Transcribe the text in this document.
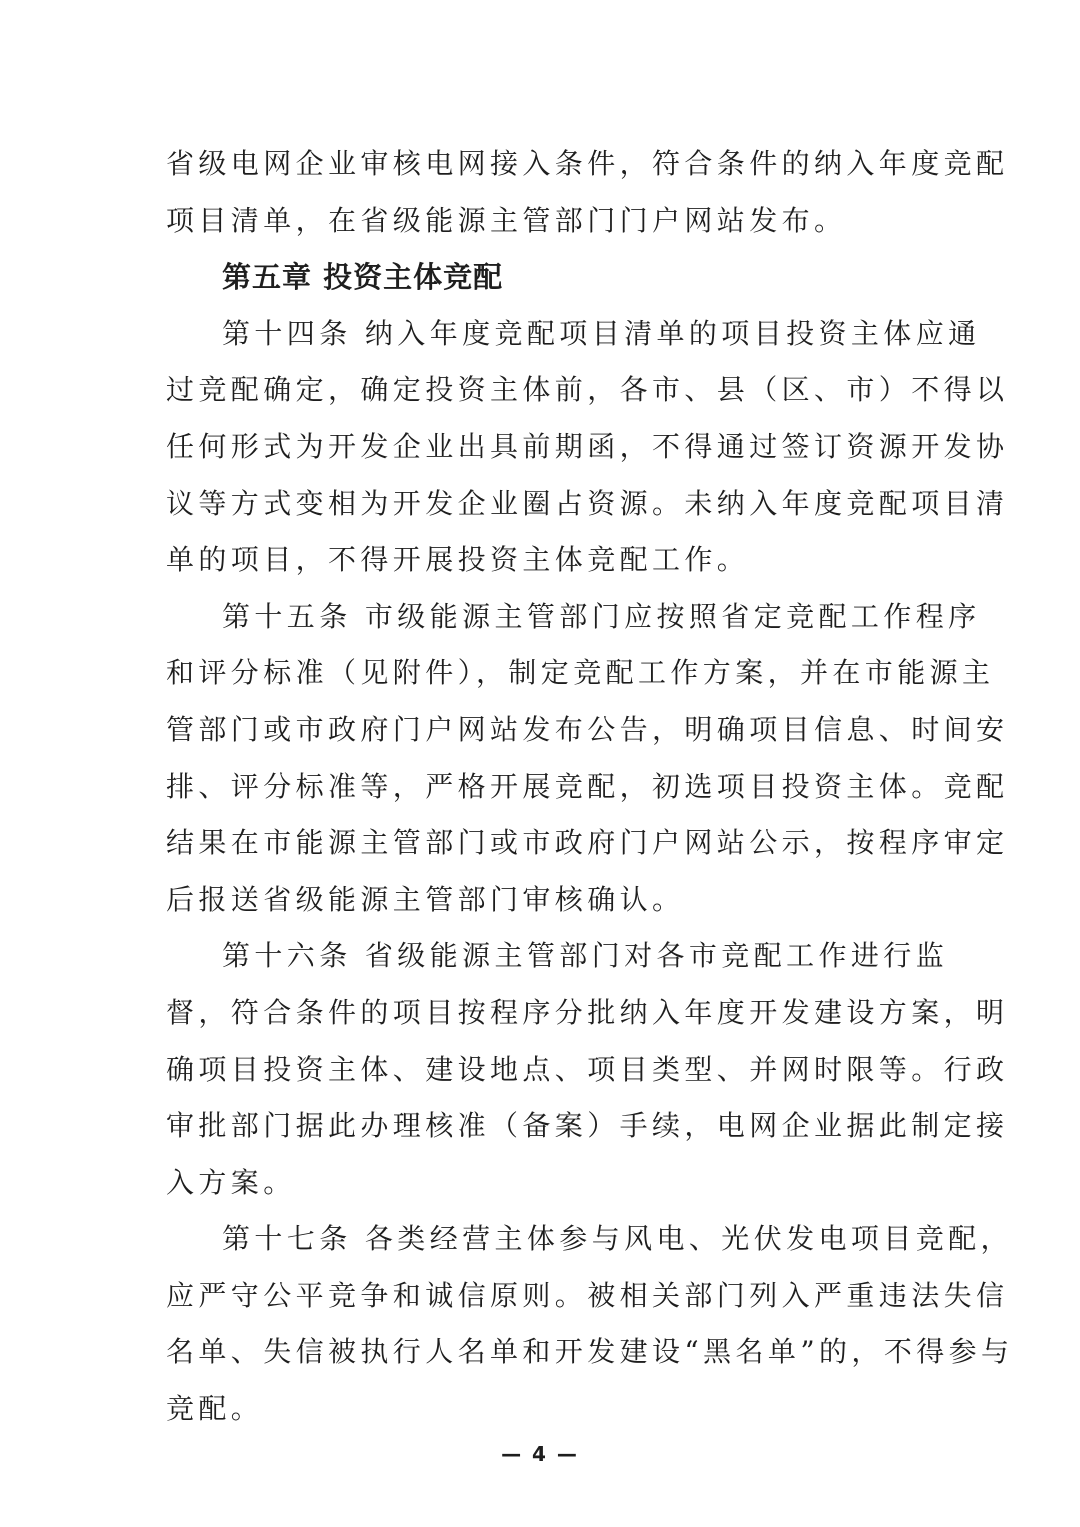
省级电网企业审核电网接入条件，符合条件的纳入年度竞配
项目清单，在省级能源主管部门门户网站发布。
第五章 投资主体竞配
第十四条 纳入年度竞配项目清单的项目投资主体应通
过竞配确定，确定投资主体前，各市、县（区、市）不得以
任何形式为开发企业出具前期函，不得通过签订资源开发协
议等方式变相为开发企业圈占资源。未纳入年度竞配项目清
单的项目，不得开展投资主体竞配工作。
第十五条 市级能源主管部门应按照省定竞配工作程序
和评分标准（见附件），制定竞配工作方案，并在市能源主
管部门或市政府门户网站发布公告，明确项目信息、时间安
排、评分标准等，严格开展竞配，初选项目投资主体。竞配
结果在市能源主管部门或市政府门户网站公示，按程序审定
后报送省级能源主管部门审核确认。
第十六条 省级能源主管部门对各市竞配工作进行监
督，符合条件的项目按程序分批纳入年度开发建设方案，明
确项目投资主体、建设地点、项目类型、并网时限等。行政
审批部门据此办理核准（备案）手续，电网企业据此制定接
入方案。
第十七条 各类经营主体参与风电、光伏发电项目竞配，
应严守公平竞争和诚信原则。被相关部门列入严重违法失信
名单、失信被执行人名单和开发建设“黑名单”的，不得参与
竞配。
— 4 —
